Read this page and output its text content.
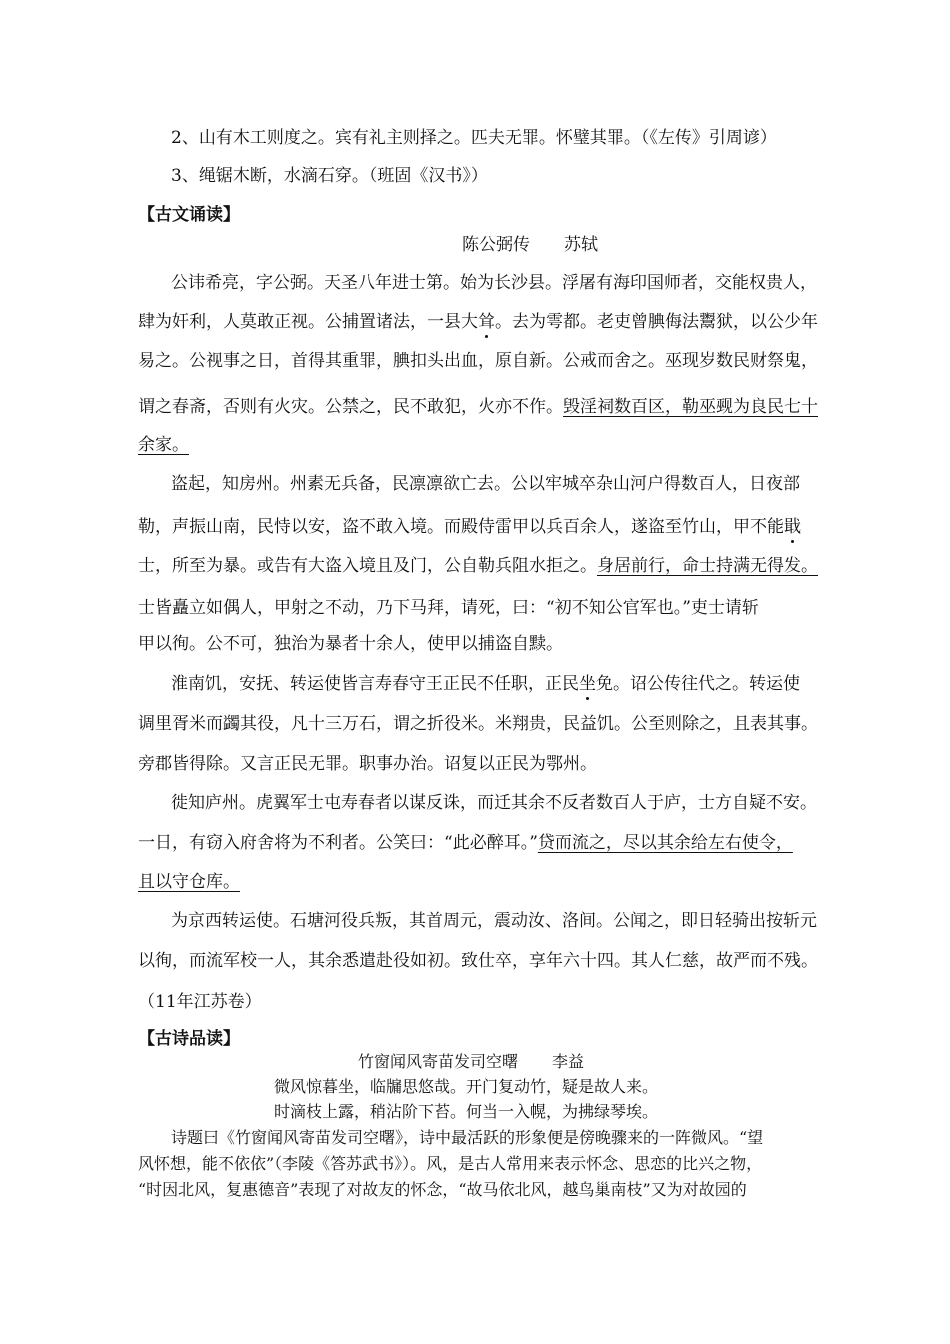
2、山有木工则度之。宾有礼主则择之。匹夫无罪。怀璧其罪。（《左传》引周谚）
3、绳锯木断，水滴石穿。（班固《汉书》）
【古文诵读】
陈公弼传 苏轼
公讳希亮，字公弼。天圣八年进士第。始为长沙县。浮屠有海印国师者，交能权贵人，
肆为奸利，人莫敢正视。公捕置诸法，一县大耸。去为雩都。老吏曾腆侮法鬻狱，以公少年
易之。公视事之日，首得其重罪，腆扣头出血，原自新。公戒而舍之。巫现岁数民财祭鬼，
谓之春斋，否则有火灾。公禁之，民不敢犯，火亦不作。毁淫祠数百区，勒巫觋为良民七十
余家。
盗起，知房州。州素无兵备，民凛凛欲亡去。公以牢城卒杂山河户得数百人，日夜部
勒，声振山南，民恃以安，盗不敢入境。而殿侍雷甲以兵百余人，遂盗至竹山，甲不能戢
士，所至为暴。或告有大盗入境且及门，公自勒兵阻水拒之。身居前行，命士持满无得发。
士皆矗立如偶人，甲射之不动，乃下马拜，请死，曰：“初不知公官军也。”吏士请斩
甲以徇。公不可，独治为暴者十余人，使甲以捕盗自黩。
淮南饥，安抚、转运使皆言寿春守王正民不任职，正民坐免。诏公传往代之。转运使
调里胥米而蠲其役，凡十三万石，谓之折役米。米翔贵，民益饥。公至则除之，且表其事。
旁郡皆得除。又言正民无罪。职事办治。诏复以正民为鄂州。
徙知庐州。虎翼军士屯寿春者以谋反诛，而迁其余不反者数百人于庐，士方自疑不安。
一日，有窃入府舍将为不利者。公笑曰：“此必醉耳。”贷而流之，尽以其余给左右使令，
且以守仓库。
为京西转运使。石塘河役兵叛，其首周元，震动汝、洛间。公闻之，即日轻骑出按斩元
以徇，而流军校一人，其余悉遣赴役如初。致仕卒，享年六十四。其人仁慈，故严而不残。
（11年江苏卷）
【古诗品读】
竹窗闻风寄苗发司空曙 李益
微风惊暮坐，临牖思悠哉。开门复动竹，疑是故人来。
时滴枝上露，稍沾阶下苔。何当一入幌，为拂绿琴埃。
诗题曰《竹窗闻风寄苗发司空曙》，诗中最活跃的形象便是傍晚骤来的一阵微风。“望
风怀想，能不依依”（李陵《答苏武书》）。风，是古人常用来表示怀念、思恋的比兴之物，
“时因北风，复惠德音”表现了对故友的怀念，“故马依北风，越鸟巢南枝”又为对故园的
